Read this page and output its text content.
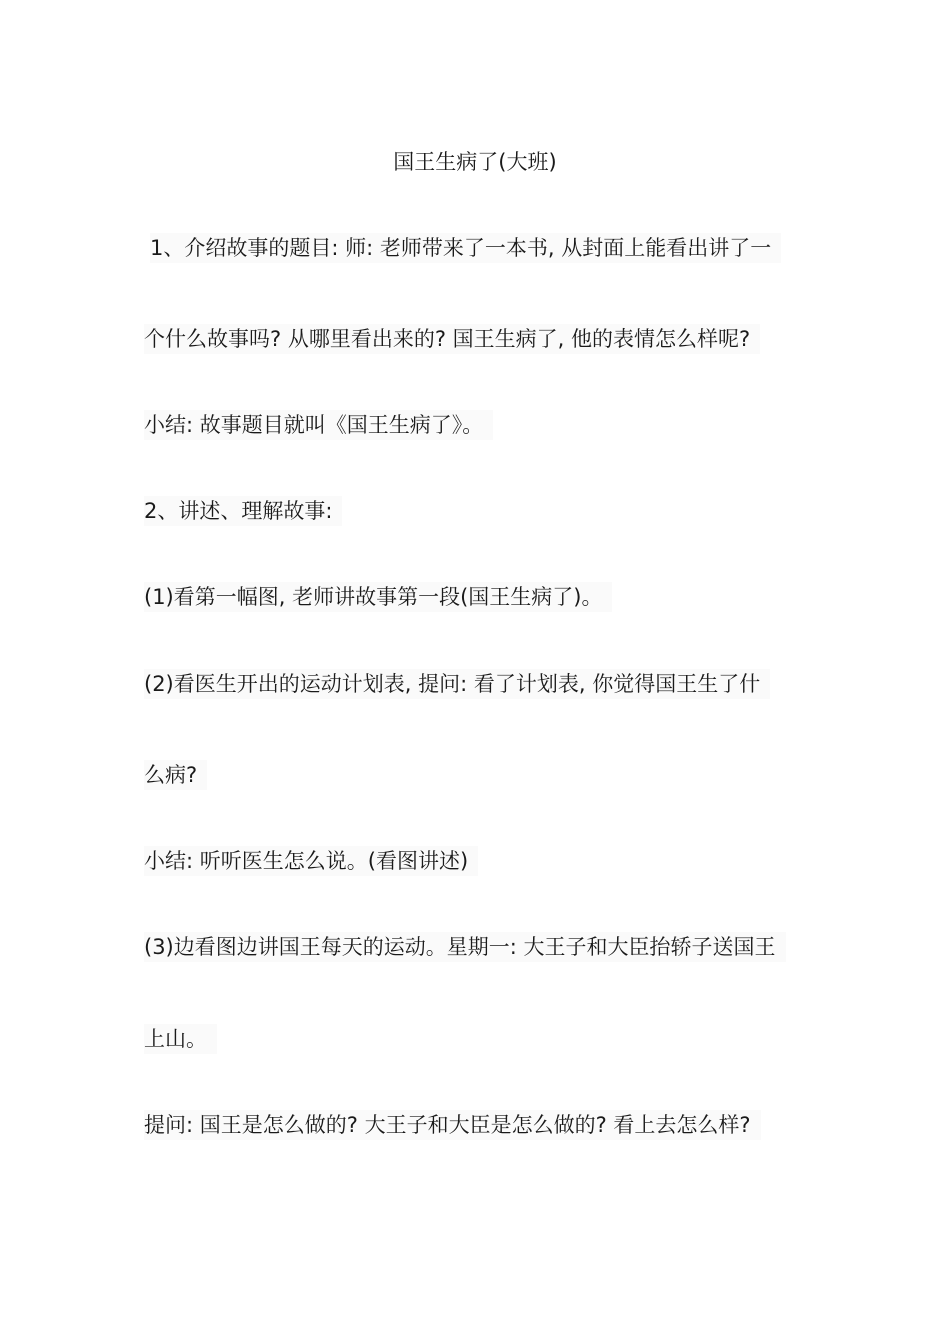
国王生病了(大班)
1、介绍故事的题目: 师: 老师带来了一本书, 从封面上能看出讲了一
个什么故事吗? 从哪里看出来的? 国王生病了, 他的表情怎么样呢?
小结: 故事题目就叫《国王生病了》。
2、讲述、理解故事:
(1)看第一幅图, 老师讲故事第一段(国王生病了)。
(2)看医生开出的运动计划表, 提问: 看了计划表, 你觉得国王生了什
么病?
小结: 听听医生怎么说。(看图讲述)
(3)边看图边讲国王每天的运动。星期一: 大王子和大臣抬轿子送国王
上山。
提问: 国王是怎么做的? 大王子和大臣是怎么做的? 看上去怎么样?
